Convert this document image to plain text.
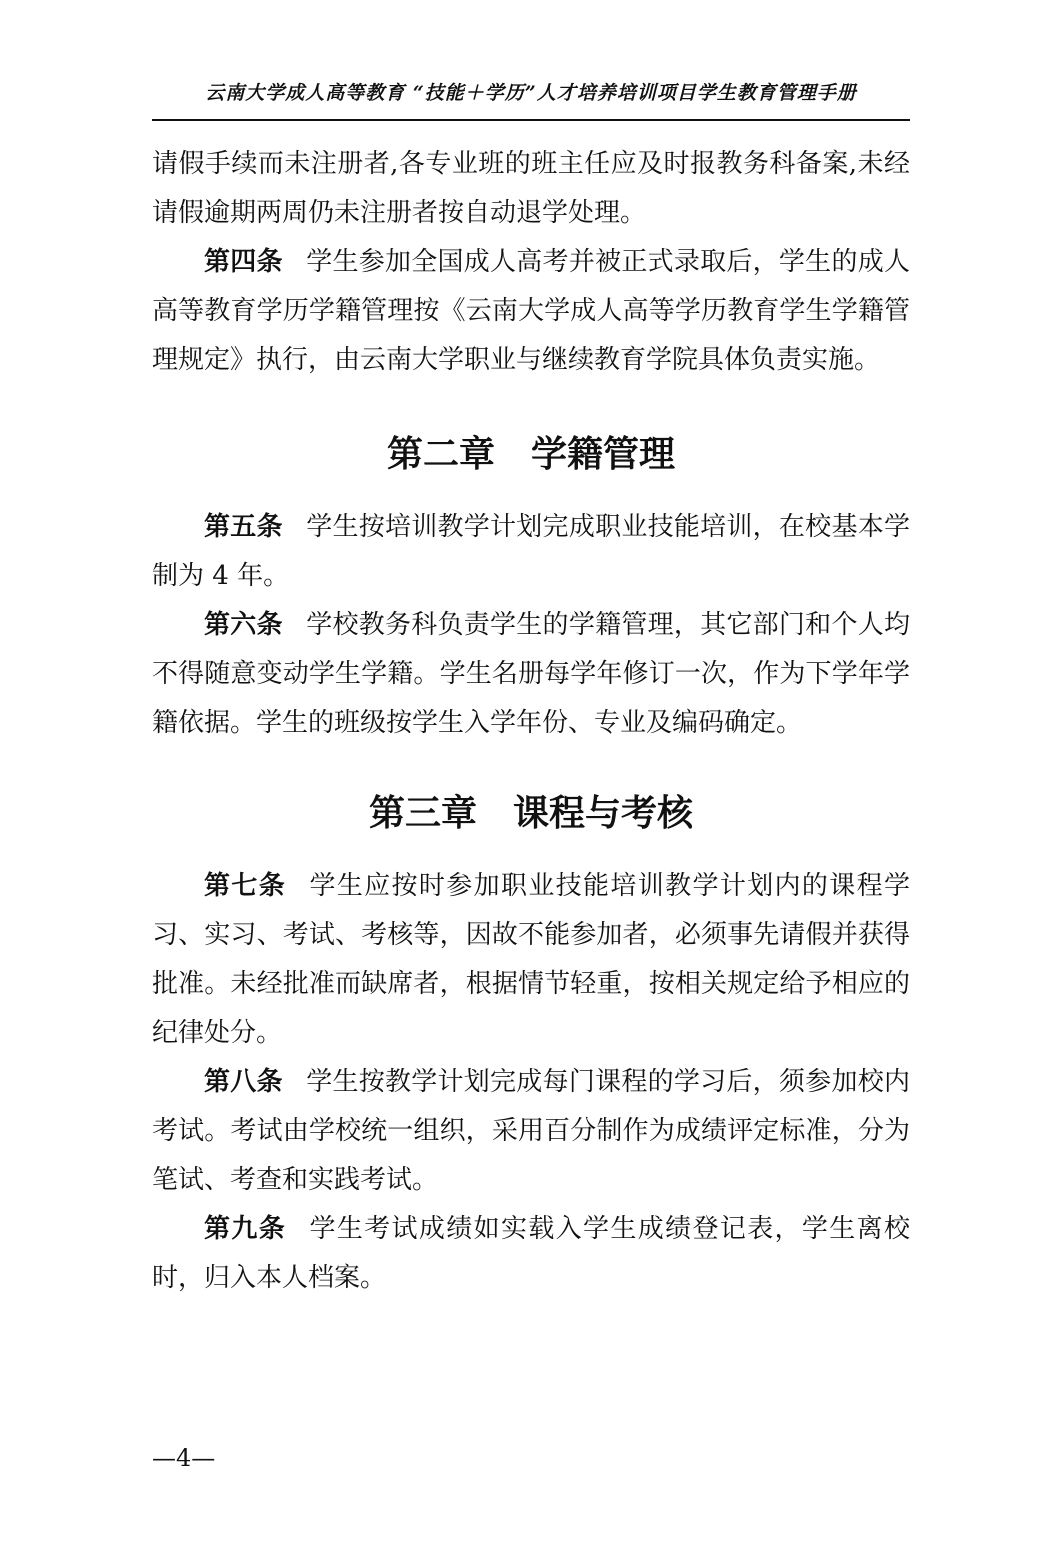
云南大学成人高等教育 “技能＋学历”人才培养培训项目学生教育管理手册

请假手续而未注册者,各专业班的班主任应及时报教务科备案,未经请假逾期两周仍未注册者按自动退学处理。

第四条 学生参加全国成人高考并被正式录取后，学生的成人高等教育学历学籍管理按《云南大学成人高等学历教育学生学籍管理规定》执行，由云南大学职业与继续教育学院具体负责实施。

第二章 学籍管理

第五条 学生按培训教学计划完成职业技能培训，在校基本学制为 4 年。

第六条 学校教务科负责学生的学籍管理，其它部门和个人均不得随意变动学生学籍。学生名册每学年修订一次，作为下学年学籍依据。学生的班级按学生入学年份、专业及编码确定。

第三章 课程与考核

第七条 学生应按时参加职业技能培训教学计划内的课程学习、实习、考试、考核等，因故不能参加者，必须事先请假并获得批准。未经批准而缺席者，根据情节轻重，按相关规定给予相应的纪律处分。

第八条 学生按教学计划完成每门课程的学习后，须参加校内考试。考试由学校统一组织，采用百分制作为成绩评定标准，分为笔试、考查和实践考试。

第九条 学生考试成绩如实载入学生成绩登记表，学生离校时，归入本人档案。

—4—
